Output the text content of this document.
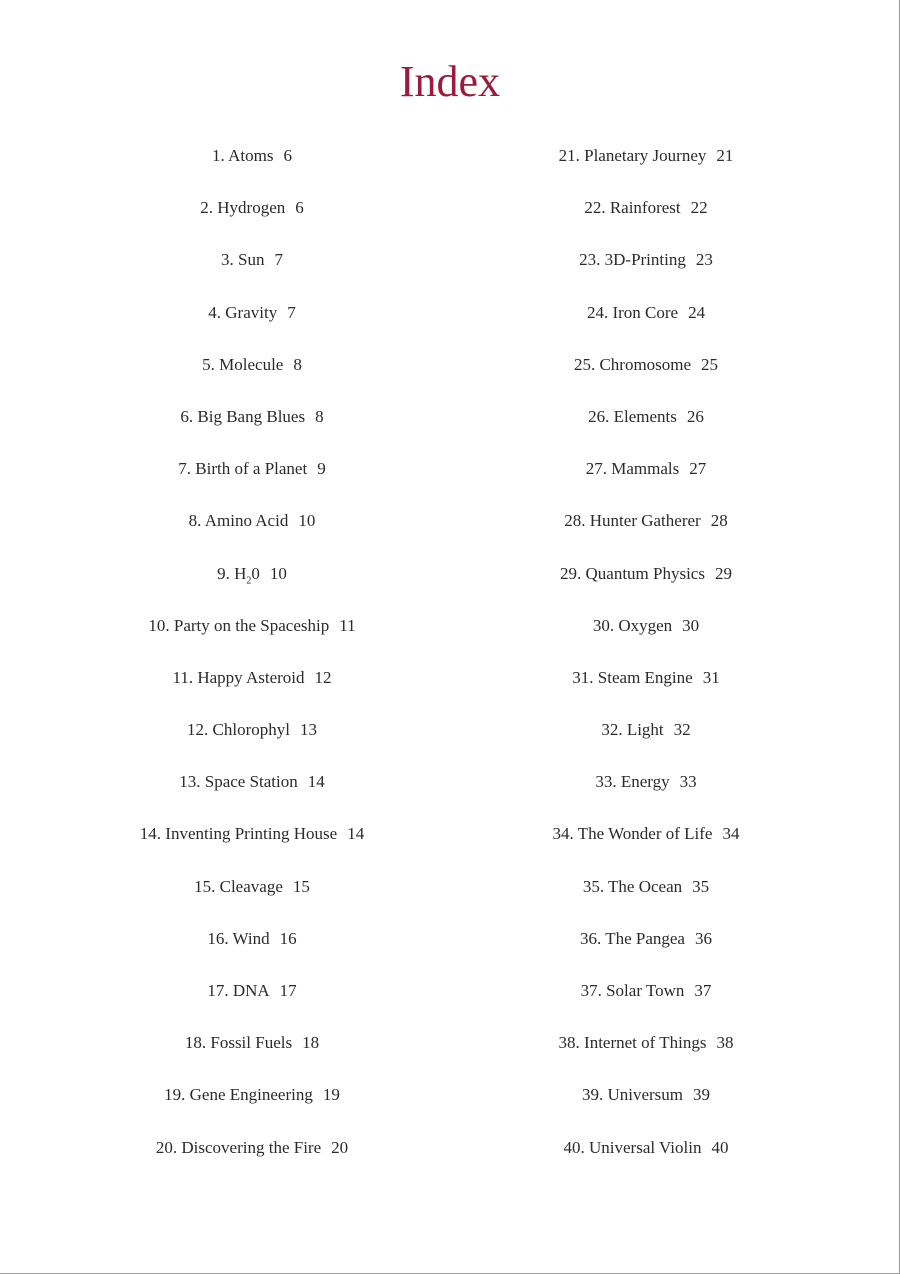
Index
1. Atoms 6
2. Hydrogen 6
3. Sun 7
4. Gravity 7
5. Molecule 8
6. Big Bang Blues 8
7. Birth of a Planet 9
8. Amino Acid 10
9. $H_20$ 10
10. Party on the Spaceship 11
11. Happy Asteroid 12
12. Chlorophyl 13
13. Space Station 14
14. Inventing Printing House 14
15. Cleavage 15
16. Wind 16
17. DNA 17
18. Fossil Fuels 18
19. Gene Engineering 19
20. Discovering the Fire 20
21. Planetary Journey 21
22. Rainforest 22
23. 3D-Printing 23
24. Iron Core 24
25. Chromosome 25
26. Elements 26
27. Mammals 27
28. Hunter Gatherer 28
29. Quantum Physics 29
30. Oxygen 30
31. Steam Engine 31
32. Light 32
33. Energy 33
34. The Wonder of Life 34
35. The Ocean 35
36. The Pangea 36
37. Solar Town 37
38. Internet of Things 38
39. Universum 39
40. Universal Violin 40
